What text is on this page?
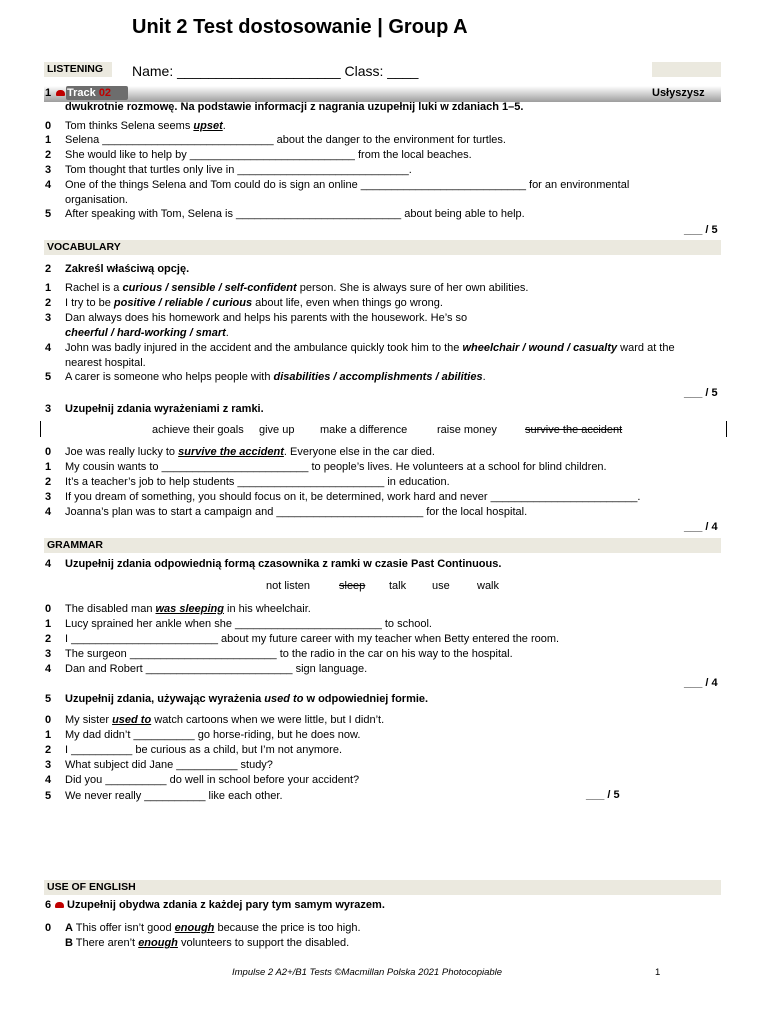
Unit 2 Test dostosowanie | Group A
LISTENING	Name: _____________________ Class: ____
1	Track 02	Usłyszysz
dwukrotnie rozmowę. Na podstawie informacji z nagrania uzupełnij luki w zdaniach 1–5.
0 Tom thinks Selena seems upset.
1 Selena ____________________________ about the danger to the environment for turtles.
2 She would like to help by ___________________________ from the local beaches.
3 Tom thought that turtles only live in ____________________________.
4 One of the things Selena and Tom could do is sign an online ___________________________ for an environmental
organisation.
5 After speaking with Tom, Selena is ___________________________ about being able to help.
___ / 5
VOCABULARY
2 Zakreśl właściwą opcję.
1 Rachel is a curious / sensible / self-confident person. She is always sure of her own abilities.
2 I try to be positive / reliable / curious about life, even when things go wrong.
3 Dan always does his homework and helps his parents with the housework. He’s so
cheerful / hard-working / smart.
4 John was badly injured in the accident and the ambulance quickly took him to the wheelchair / wound / casualty ward at the
nearest hospital.
5 A carer is someone who helps people with disabilities / accomplishments / abilities.
___ / 5
3 Uzupełnij zdania wyrażeniami z ramki.
achieve their goals give up make a difference	raise money	survive the accident
0 Joe was really lucky to survive the accident. Everyone else in the car died.
1 My cousin wants to ________________________ to people’s lives. He volunteers at a school for blind children.
2 It’s a teacher’s job to help students ________________________ in education.
3 If you dream of something, you should focus on it, be determined, work hard and never ________________________.
4 Joanna’s plan was to start a campaign and ________________________ for the local hospital.
___ / 4
GRAMMAR
4 Uzupełnij zdania odpowiednią formą czasownika z ramki w czasie Past Continuous.
not listen	sleep talk use walk
0 The disabled man was sleeping in his wheelchair.
1 Lucy sprained her ankle when she ________________________ to school.
2 I ________________________ about my future career with my teacher when Betty entered the room.
3 The surgeon ________________________ to the radio in the car on his way to the hospital.
4 Dan and Robert ________________________ sign language.
___ / 4
5 Uzupełnij zdania, używając wyrażenia used to w odpowiedniej formie.
0 My sister used to watch cartoons when we were little, but I didn’t.
1 My dad didn’t __________ go horse-riding, but he does now.
2 I __________ be curious as a child, but I’m not anymore.
3 What subject did Jane __________ study?
4 Did you __________ do well in school before your accident?
5 We never really __________ like each other.	___ / 5
USE OF ENGLISH
6 Uzupełnij obydwa zdania z każdej pary tym samym wyrazem.
0 A This offer isn’t good enough because the price is too high.
B There aren’t enough volunteers to support the disabled.
Impulse 2 A2+/B1 Tests ©Macmillan Polska 2021 Photocopiable	1
